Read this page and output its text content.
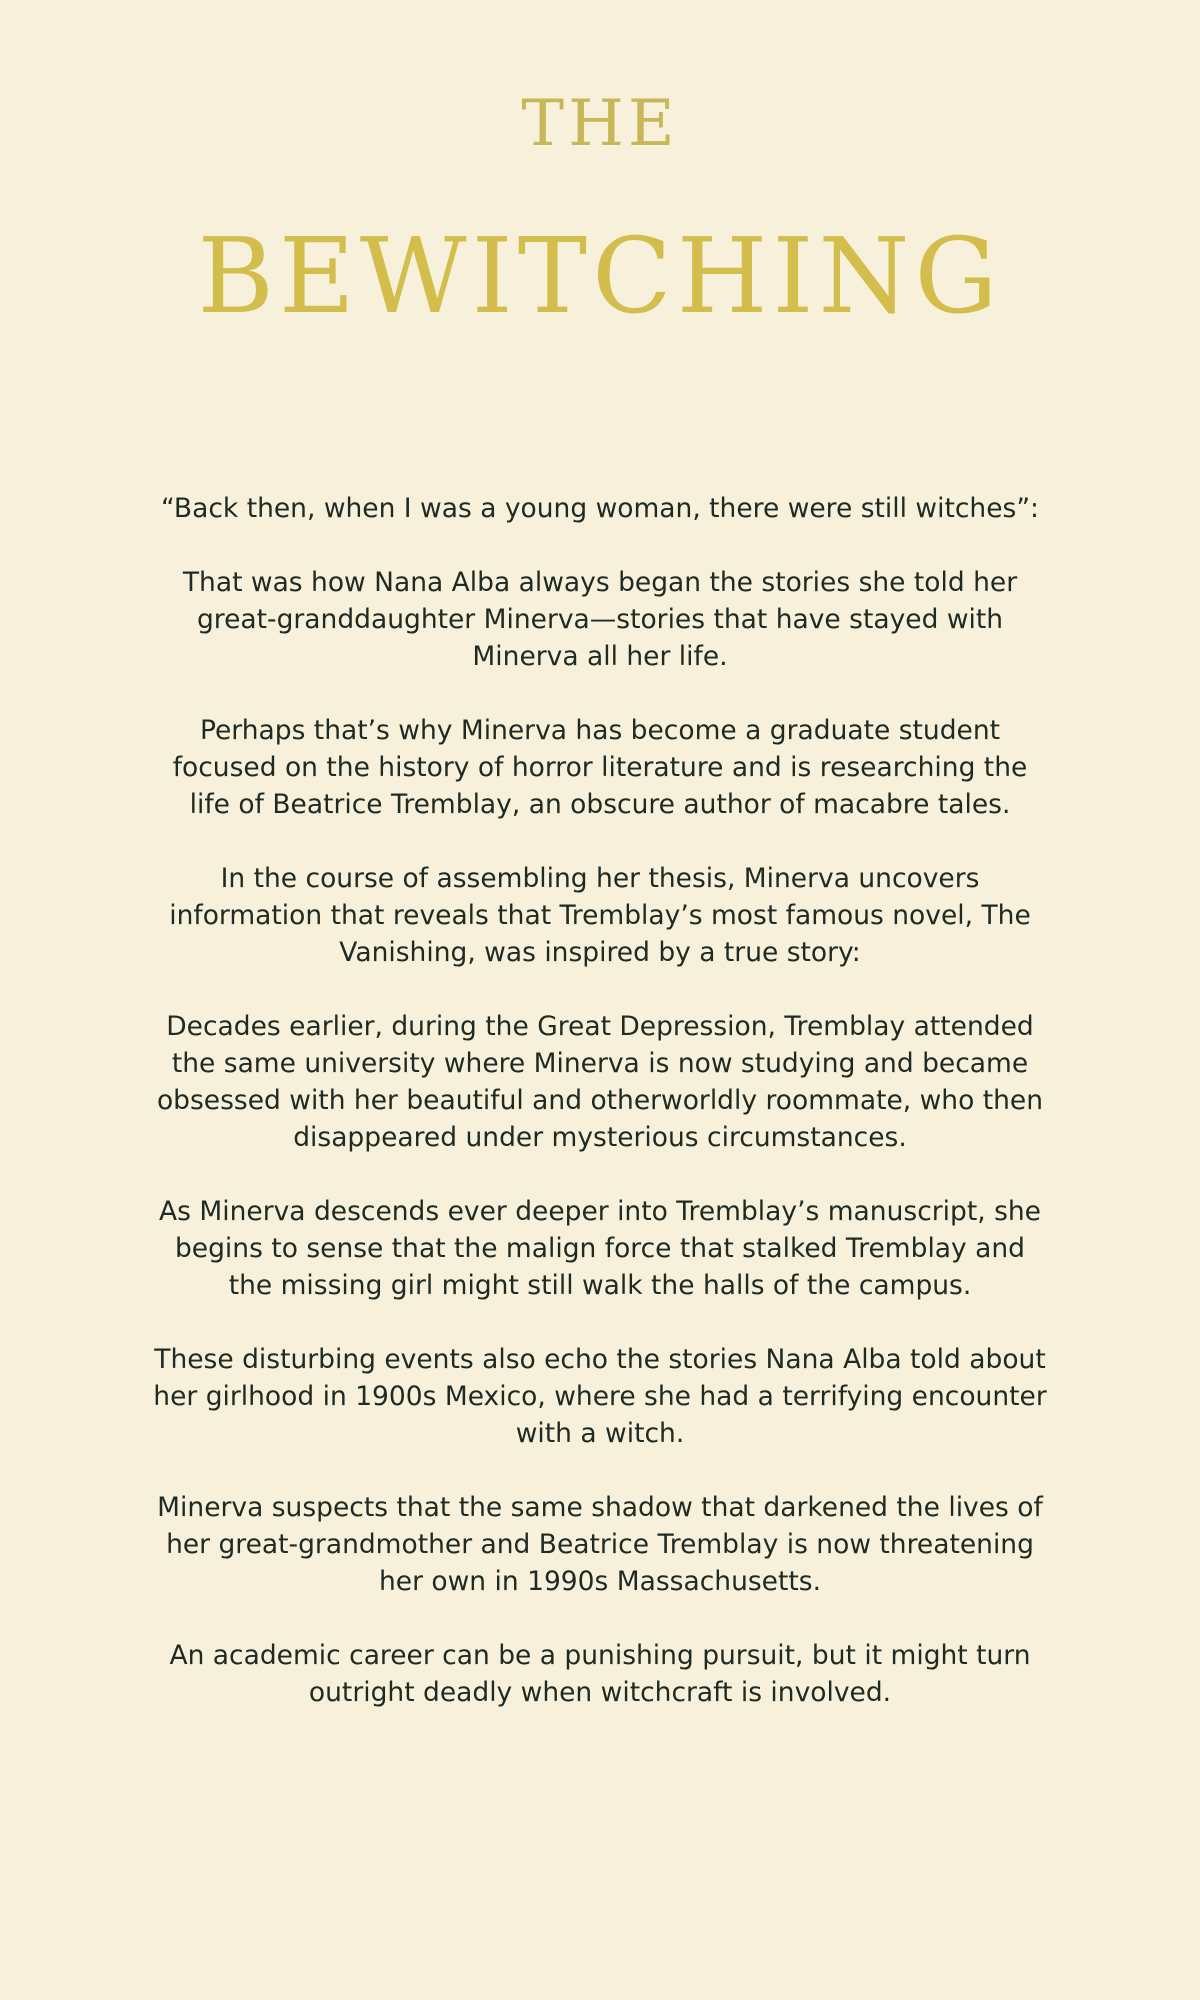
THE
BEWITCHING

“Back then, when I was a young woman, there were still witches”:

That was how Nana Alba always began the stories she told her great-granddaughter Minerva—stories that have stayed with Minerva all her life.

Perhaps that’s why Minerva has become a graduate student focused on the history of horror literature and is researching the life of Beatrice Tremblay, an obscure author of macabre tales.

In the course of assembling her thesis, Minerva uncovers information that reveals that Tremblay’s most famous novel, The Vanishing, was inspired by a true story:

Decades earlier, during the Great Depression, Tremblay attended the same university where Minerva is now studying and became obsessed with her beautiful and otherworldly roommate, who then disappeared under mysterious circumstances.

As Minerva descends ever deeper into Tremblay’s manuscript, she begins to sense that the malign force that stalked Tremblay and the missing girl might still walk the halls of the campus.

These disturbing events also echo the stories Nana Alba told about her girlhood in 1900s Mexico, where she had a terrifying encounter with a witch.

Minerva suspects that the same shadow that darkened the lives of her great-grandmother and Beatrice Tremblay is now threatening her own in 1990s Massachusetts.

An academic career can be a punishing pursuit, but it might turn outright deadly when witchcraft is involved.
